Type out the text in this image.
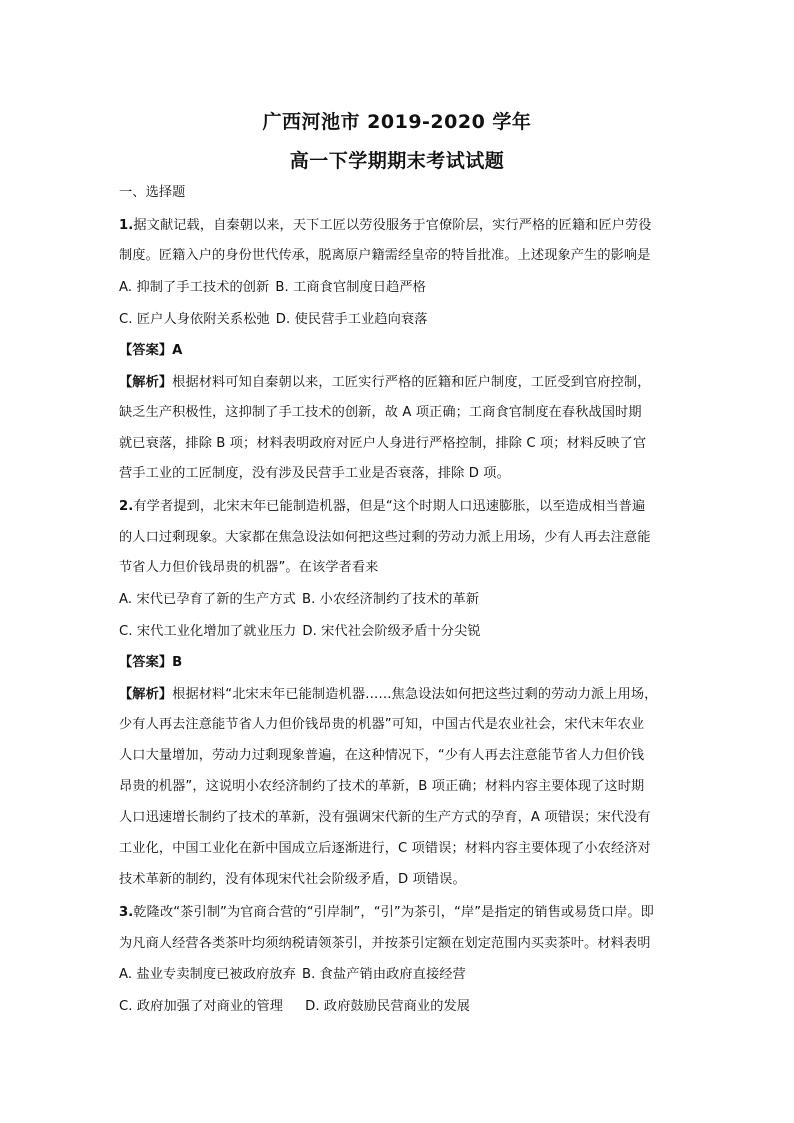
广西河池市 2019-2020 学年
高一下学期期末考试试题
一、选择题
1.据文献记载，自秦朝以来，天下工匠以劳役服务于官僚阶层，实行严格的匠籍和匠户劳役
制度。匠籍入户的身份世代传承，脱离原户籍需经皇帝的特旨批准。上述现象产生的影响是
A. 抑制了手工技术的创新 B. 工商食官制度日趋严格
C. 匠户人身依附关系松弛 D. 使民营手工业趋向衰落
【答案】A
【解析】根据材料可知自秦朝以来，工匠实行严格的匠籍和匠户制度，工匠受到官府控制，
缺乏生产积极性，这抑制了手工技术的创新，故 A 项正确；工商食官制度在春秋战国时期
就已衰落，排除 B 项；材料表明政府对匠户人身进行严格控制，排除 C 项；材料反映了官
营手工业的工匠制度，没有涉及民营手工业是否衰落，排除 D 项。
2.有学者提到，北宋末年已能制造机器，但是“这个时期人口迅速膨胀，以至造成相当普遍
的人口过剩现象。大家都在焦急设法如何把这些过剩的劳动力派上用场，少有人再去注意能
节省人力但价钱昂贵的机器”。在该学者看来
A. 宋代已孕育了新的生产方式 B. 小农经济制约了技术的革新
C. 宋代工业化增加了就业压力 D. 宋代社会阶级矛盾十分尖锐
【答案】B
【解析】根据材料“北宋末年已能制造机器……焦急设法如何把这些过剩的劳动力派上用场，
少有人再去注意能节省人力但价钱昂贵的机器”可知，中国古代是农业社会，宋代末年农业
人口大量增加，劳动力过剩现象普遍，在这种情况下，“少有人再去注意能节省人力但价钱
昂贵的机器”，这说明小农经济制约了技术的革新，B 项正确；材料内容主要体现了这时期
人口迅速增长制约了技术的革新，没有强调宋代新的生产方式的孕育，A 项错误；宋代没有
工业化，中国工业化在新中国成立后逐渐进行，C 项错误；材料内容主要体现了小农经济对
技术革新的制约，没有体现宋代社会阶级矛盾，D 项错误。
3.乾隆改“茶引制”为官商合营的“引岸制”，“引”为茶引，“岸”是指定的销售或易货口岸。即
为凡商人经营各类茶叶均须纳税请领茶引，并按茶引定额在划定范围内买卖茶叶。材料表明
A. 盐业专卖制度已被政府放弃 B. 食盐产销由政府直接经营
C. 政府加强了对商业的管理 D. 政府鼓励民营商业的发展
